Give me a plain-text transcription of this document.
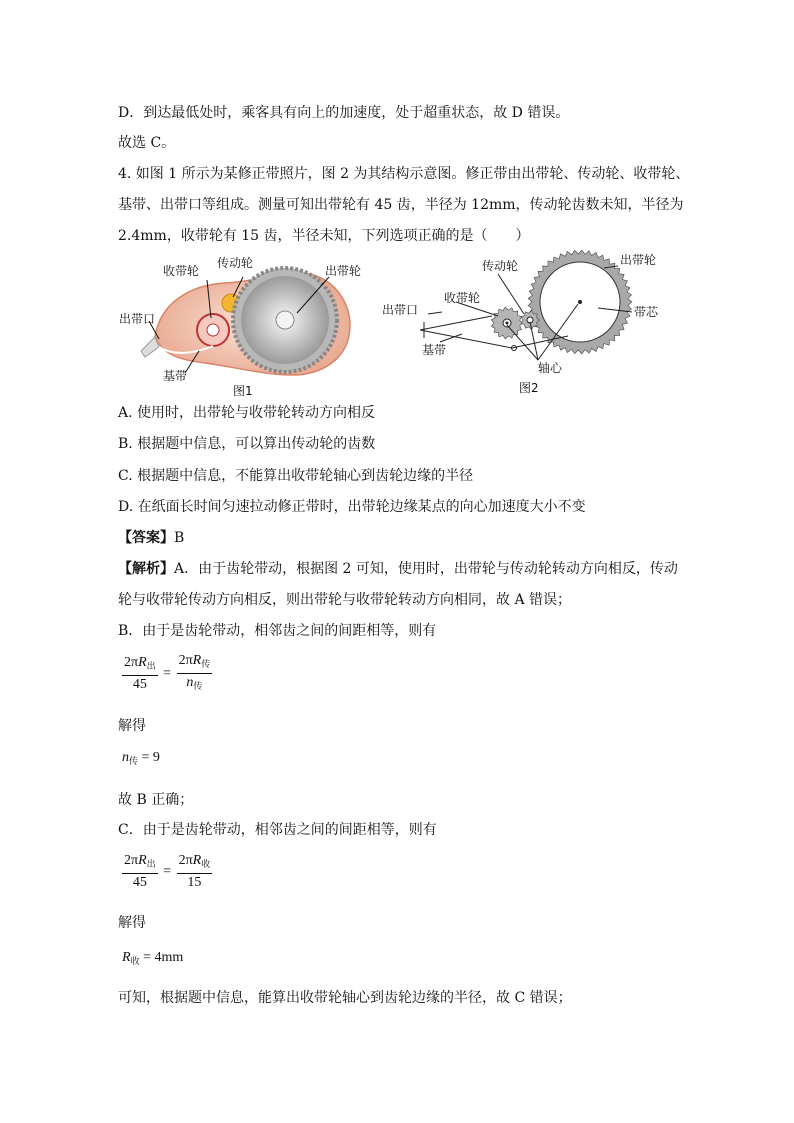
D．到达最低处时，乘客具有向上的加速度，处于超重状态，故 D 错误。
故选 C。
4. 如图 1 所示为某修正带照片，图 2 为其结构示意图。修正带由出带轮、传动轮、收带轮、
基带、出带口等组成。测量可知出带轮有 45 齿，半径为 12mm，传动轮齿数未知，半径为
2.4mm，收带轮有 15 齿，半径未知，下列选项正确的是（　　）
收带轮
传动轮
出带轮
出带口
基带
图1
传动轮	出带轮
出带口
收带轮
带芯
基带
轴心
图2
A. 使用时，出带轮与收带轮转动方向相反
B. 根据题中信息，可以算出传动轮的齿数
C. 根据题中信息，不能算出收带轮轴心到齿轮边缘的半径
D. 在纸面长时间匀速拉动修正带时，出带轮边缘某点的向心加速度大小不变
【答案】B
【解析】A．由于齿轮带动，根据图 2 可知，使用时，出带轮与传动轮转动方向相反，传动
轮与收带轮传动方向相反，则出带轮与收带轮转动方向相同，故 A 错误；
B．由于是齿轮带动，相邻齿之间的间距相等，则有
$\frac{2\pi R_出}{45} = \frac{2\pi R_传}{n_传}$
解得
$n_传 = 9$
故 B 正确；
C．由于是齿轮带动，相邻齿之间的间距相等，则有
$\frac{2\pi R_出}{45} = \frac{2\pi R_收}{15}$
解得
$R_收 = 4mm$
可知，根据题中信息，能算出收带轮轴心到齿轮边缘的半径，故 C 错误；
